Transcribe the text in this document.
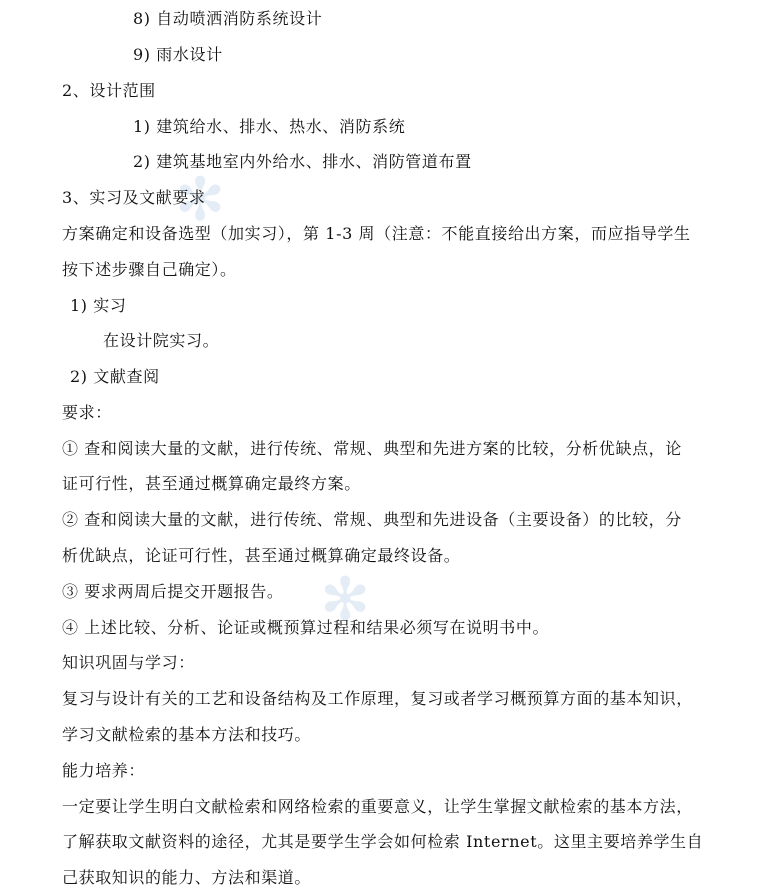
✻
✻
8) 自动喷洒消防系统设计
9) 雨水设计
2、设计范围
1) 建筑给水、排水、热水、消防系统
2) 建筑基地室内外给水、排水、消防管道布置
3、实习及文献要求
方案确定和设备选型（加实习），第 1-3 周（注意：不能直接给出方案，而应指导学生
按下述步骤自己确定）。
1) 实习
在设计院实习。
2) 文献查阅
要求：
① 查和阅读大量的文献，进行传统、常规、典型和先进方案的比较，分析优缺点，论
证可行性，甚至通过概算确定最终方案。
② 查和阅读大量的文献，进行传统、常规、典型和先进设备（主要设备）的比较，分
析优缺点，论证可行性，甚至通过概算确定最终设备。
③ 要求两周后提交开题报告。
④ 上述比较、分析、论证或概预算过程和结果必须写在说明书中。
知识巩固与学习：
复习与设计有关的工艺和设备结构及工作原理，复习或者学习概预算方面的基本知识，
学习文献检索的基本方法和技巧。
能力培养：
一定要让学生明白文献检索和网络检索的重要意义，让学生掌握文献检索的基本方法，
了解获取文献资料的途径，尤其是要学生学会如何检索 Internet。这里主要培养学生自
己获取知识的能力、方法和渠道。
